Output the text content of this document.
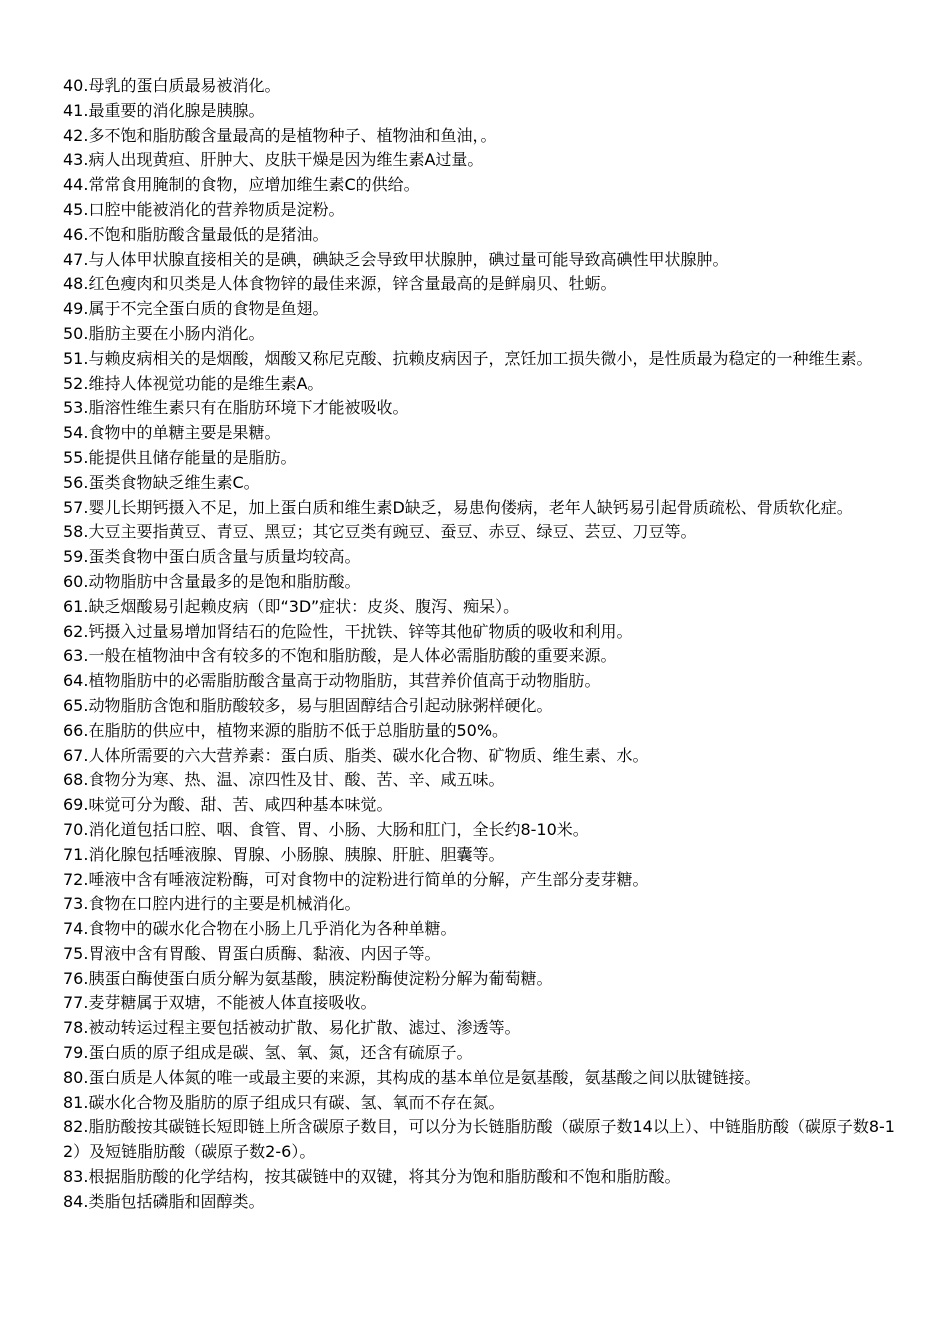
40.母乳的蛋白质最易被消化。

41.最重要的消化腺是胰腺。

42.多不饱和脂肪酸含量最高的是植物种子、植物油和鱼油，。

43.病人出现黄疸、肝肿大、皮肤干燥是因为维生素A过量。

44.常常食用腌制的食物，应增加维生素C的供给。

45.口腔中能被消化的营养物质是淀粉。

46.不饱和脂肪酸含量最低的是猪油。

47.与人体甲状腺直接相关的是碘，碘缺乏会导致甲状腺肿，碘过量可能导致高碘性甲状腺肿。

48.红色瘦肉和贝类是人体食物锌的最佳来源，锌含量最高的是鲜扇贝、牡蛎。

49.属于不完全蛋白质的食物是鱼翅。

50.脂肪主要在小肠内消化。

51.与赖皮病相关的是烟酸，烟酸又称尼克酸、抗赖皮病因子，烹饪加工损失微小，是性质最为稳定的一种维生素。

52.维持人体视觉功能的是维生素A。

53.脂溶性维生素只有在脂肪环境下才能被吸收。

54.食物中的单糖主要是果糖。

55.能提供且储存能量的是脂肪。

56.蛋类食物缺乏维生素C。

57.婴儿长期钙摄入不足，加上蛋白质和维生素D缺乏，易患佝偻病，老年人缺钙易引起骨质疏松、骨质软化症。

58.大豆主要指黄豆、青豆、黑豆；其它豆类有豌豆、蚕豆、赤豆、绿豆、芸豆、刀豆等。

59.蛋类食物中蛋白质含量与质量均较高。

60.动物脂肪中含量最多的是饱和脂肪酸。

61.缺乏烟酸易引起赖皮病（即“3D”症状：皮炎、腹泻、痴呆）。

62.钙摄入过量易增加肾结石的危险性，干扰铁、锌等其他矿物质的吸收和利用。

63.一般在植物油中含有较多的不饱和脂肪酸，是人体必需脂肪酸的重要来源。

64.植物脂肪中的必需脂肪酸含量高于动物脂肪，其营养价值高于动物脂肪。

65.动物脂肪含饱和脂肪酸较多，易与胆固醇结合引起动脉粥样硬化。

66.在脂肪的供应中，植物来源的脂肪不低于总脂肪量的50%。

67.人体所需要的六大营养素：蛋白质、脂类、碳水化合物、矿物质、维生素、水。

68.食物分为寒、热、温、凉四性及甘、酸、苦、辛、咸五味。

69.味觉可分为酸、甜、苦、咸四种基本味觉。

70.消化道包括口腔、咽、食管、胃、小肠、大肠和肛门，全长约8-10米。

71.消化腺包括唾液腺、胃腺、小肠腺、胰腺、肝脏、胆囊等。

72.唾液中含有唾液淀粉酶，可对食物中的淀粉进行简单的分解，产生部分麦芽糖。

73.食物在口腔内进行的主要是机械消化。

74.食物中的碳水化合物在小肠上几乎消化为各种单糖。

75.胃液中含有胃酸、胃蛋白质酶、黏液、内因子等。

76.胰蛋白酶使蛋白质分解为氨基酸，胰淀粉酶使淀粉分解为葡萄糖。

77.麦芽糖属于双塘，不能被人体直接吸收。

78.被动转运过程主要包括被动扩散、易化扩散、滤过、渗透等。

79.蛋白质的原子组成是碳、氢、氧、氮，还含有硫原子。

80.蛋白质是人体氮的唯一或最主要的来源，其构成的基本单位是氨基酸，氨基酸之间以肽键链接。

81.碳水化合物及脂肪的原子组成只有碳、氢、氧而不存在氮。

82.脂肪酸按其碳链长短即链上所含碳原子数目，可以分为长链脂肪酸（碳原子数14以上）、中链脂肪酸（碳原子数8-12）及短链脂肪酸（碳原子数2-6）。

83.根据脂肪酸的化学结构，按其碳链中的双键，将其分为饱和脂肪酸和不饱和脂肪酸。

84.类脂包括磷脂和固醇类。
